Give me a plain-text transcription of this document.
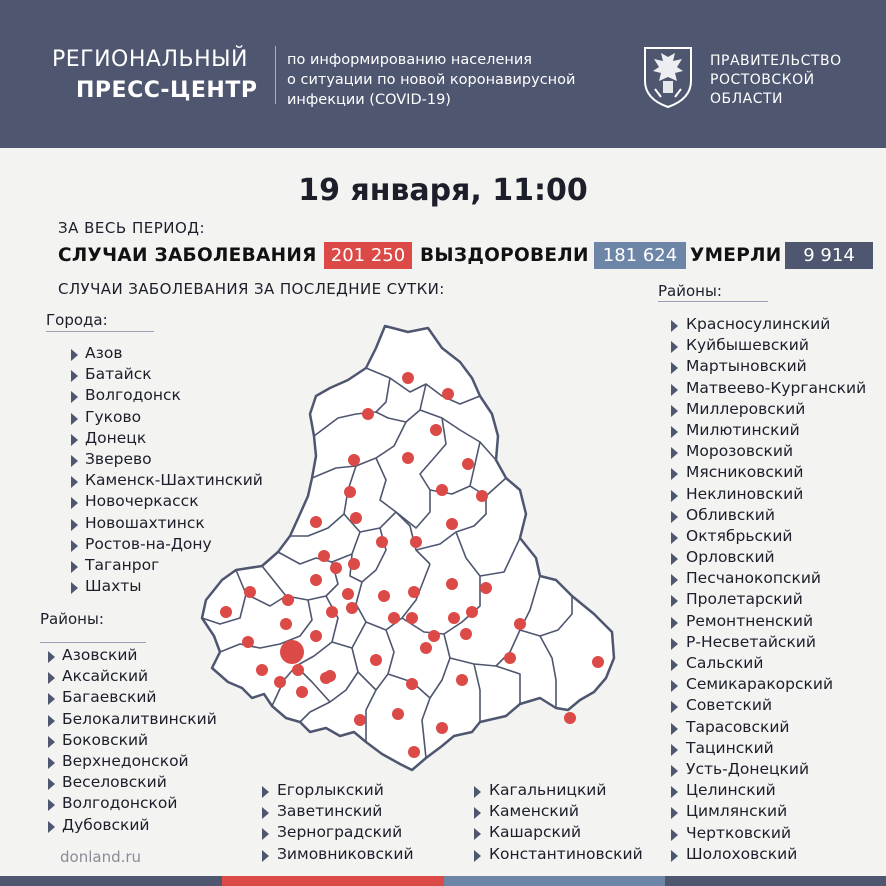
РЕГИОНАЛЬНЫЙ
ПРЕСС-ЦЕНТР
по информированию населения
о ситуации по новой коронавирусной
инфекции (COVID-19)
ПРАВИТЕЛЬСТВО
РОСТОВСКОЙ
ОБЛАСТИ
19 января, 11:00
ЗА ВЕСЬ ПЕРИОД:
СЛУЧАИ ЗАБОЛЕВАНИЯ 201 250 ВЫЗДОРОВЕЛИ 181 624 УМЕРЛИ	9 914
СЛУЧАИ ЗАБОЛЕВАНИЯ ЗА ПОСЛЕДНИЕ СУТКИ:
Города:
Азов
Батайск
Волгодонск
Гуково
Донецк
Зверево
Каменск-Шахтинский
Новочеркасск
Новошахтинск
Ростов-на-Дону
Таганрог
Шахты
Районы:
Азовский
Аксайский
Багаевский
Белокалитвинский
Боковский
Верхнедонской
Веселовский
Волгодонской
Дубовский
Егорлыкский
Заветинский
Зерноградский
Зимовниковский
Кагальницкий
Каменский
Кашарский
Константиновский
Районы:
Красносулинский
Куйбышевский
Мартыновский
Матвеево-Курганский
Миллеровский
Милютинский
Морозовский
Мясниковский
Неклиновский
Обливский
Октябрьский
Орловский
Песчанокопский
Пролетарский
Ремонтненский
Р-Несветайский
Сальский
Семикаракорский
Советский
Тарасовский
Тацинский
Усть-Донецкий
Целинский
Цимлянский
Чертковский
Шолоховский
donland.ru
